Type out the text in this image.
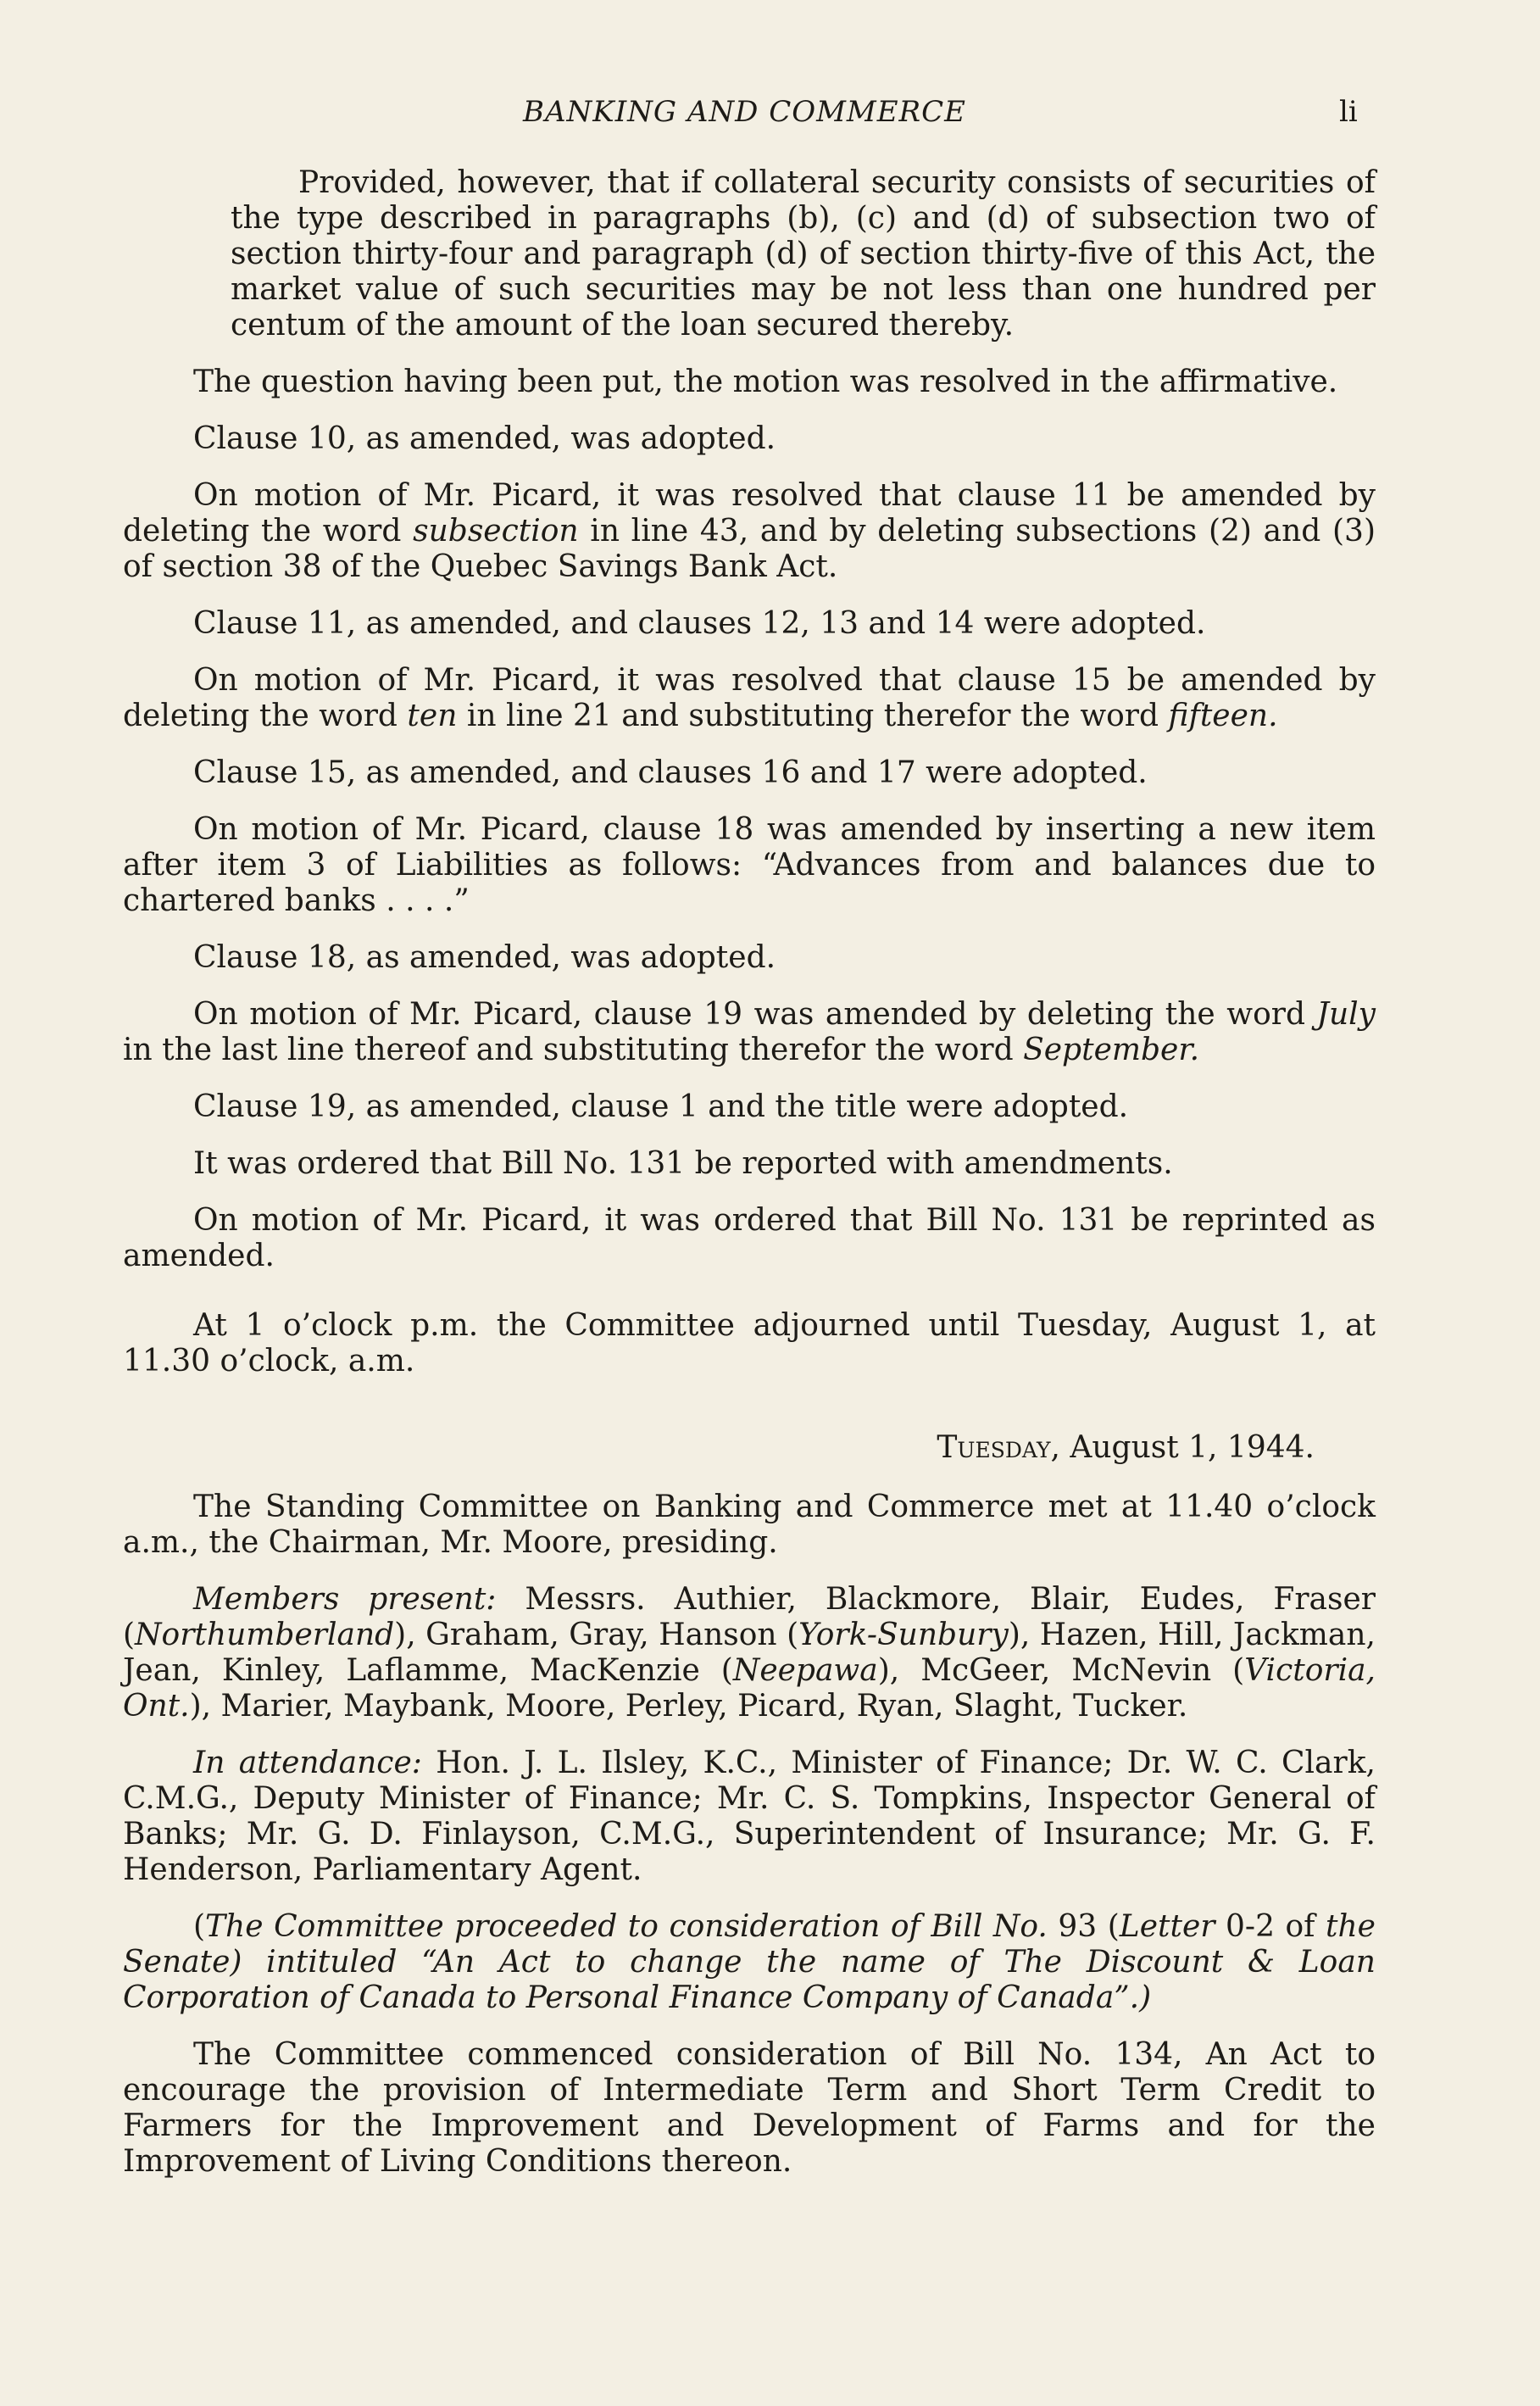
BANKING AND COMMERCE	li

Provided, however, that if collateral security consists of securities of the type described in paragraphs (b), (c) and (d) of subsection two of section thirty-four and paragraph (d) of section thirty-five of this Act, the market value of such securities may be not less than one hundred per centum of the amount of the loan secured thereby.

The question having been put, the motion was resolved in the affirmative.

Clause 10, as amended, was adopted.

On motion of Mr. Picard, it was resolved that clause 11 be amended by deleting the word subsection in line 43, and by deleting subsections (2) and (3) of section 38 of the Quebec Savings Bank Act.

Clause 11, as amended, and clauses 12, 13 and 14 were adopted.

On motion of Mr. Picard, it was resolved that clause 15 be amended by deleting the word ten in line 21 and substituting therefor the word fifteen.

Clause 15, as amended, and clauses 16 and 17 were adopted.

On motion of Mr. Picard, clause 18 was amended by inserting a new item after item 3 of Liabilities as follows: “Advances from and balances due to chartered banks . . . .”

Clause 18, as amended, was adopted.

On motion of Mr. Picard, clause 19 was amended by deleting the word July in the last line thereof and substituting therefor the word September.

Clause 19, as amended, clause 1 and the title were adopted.

It was ordered that Bill No. 131 be reported with amendments.

On motion of Mr. Picard, it was ordered that Bill No. 131 be reprinted as amended.

At 1 o’clock p.m. the Committee adjourned until Tuesday, August 1, at 11.30 o’clock, a.m.

Tuesday, August 1, 1944.

The Standing Committee on Banking and Commerce met at 11.40 o’clock a.m., the Chairman, Mr. Moore, presiding.

Members present: Messrs. Authier, Blackmore, Blair, Eudes, Fraser (Northumberland), Graham, Gray, Hanson (York-Sunbury), Hazen, Hill, Jackman, Jean, Kinley, Laflamme, MacKenzie (Neepawa), McGeer, McNevin (Victoria, Ont.), Marier, Maybank, Moore, Perley, Picard, Ryan, Slaght, Tucker.

In attendance: Hon. J. L. Ilsley, K.C., Minister of Finance; Dr. W. C. Clark, C.M.G., Deputy Minister of Finance; Mr. C. S. Tompkins, Inspector General of Banks; Mr. G. D. Finlayson, C.M.G., Superintendent of Insurance; Mr. G. F. Henderson, Parliamentary Agent.

(The Committee proceeded to consideration of Bill No. 93 (Letter 0-2 of the Senate) intituled “An Act to change the name of The Discount & Loan Corporation of Canada to Personal Finance Company of Canada”.)

The Committee commenced consideration of Bill No. 134, An Act to encourage the provision of Intermediate Term and Short Term Credit to Farmers for the Improvement and Development of Farms and for the Improvement of Living Conditions thereon.
